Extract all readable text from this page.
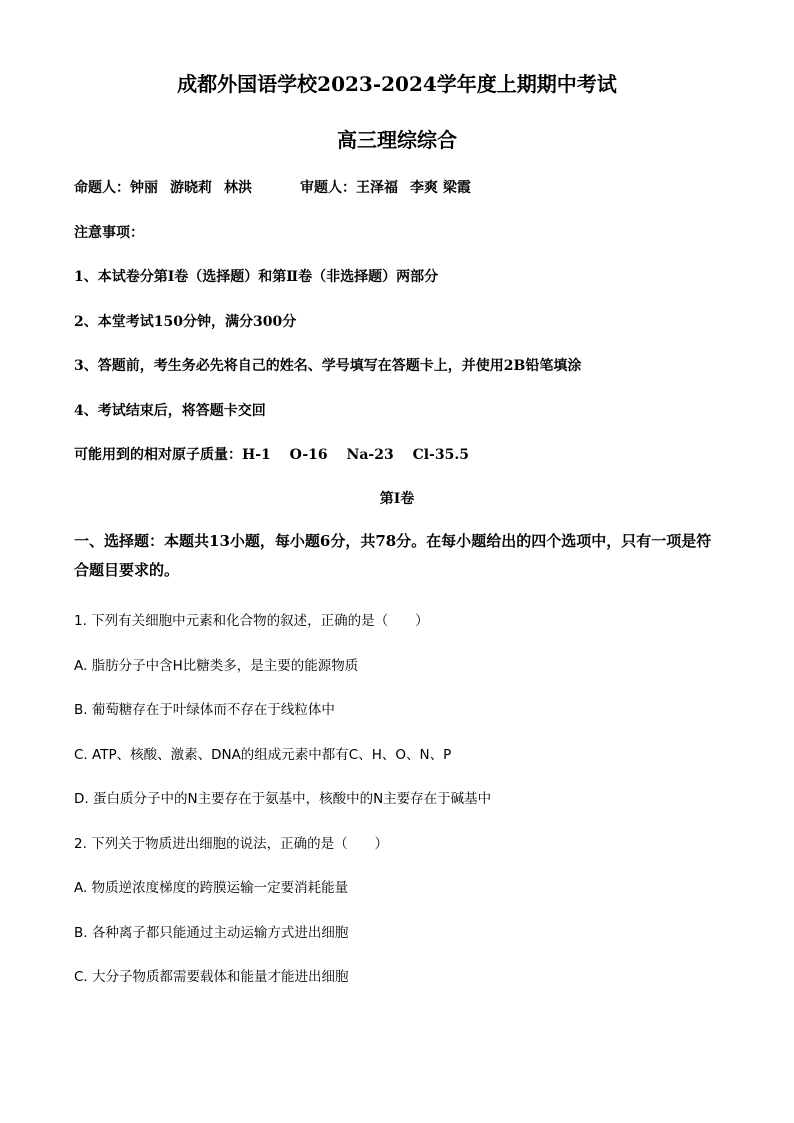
成都外国语学校2023-2024学年度上期期中考试
高三理综综合
命题人：钟丽 游晓莉 林洪	审题人：王泽福 李爽 梁霞
注意事项：
1、本试卷分第Ⅰ卷（选择题）和第Ⅱ卷（非选择题）两部分
2、本堂考试150分钟，满分300分
3、答题前，考生务必先将自己的姓名、学号填写在答题卡上，并使用2B铅笔填涂
4、考试结束后，将答题卡交回
可能用到的相对原子质量：H-1　 O-16　 Na-23　 Cl-35.5
第Ⅰ卷
一、选择题：本题共13小题，每小题6分，共78分。在每小题给出的四个选项中，只有一项是符合题目要求的。
1. 下列有关细胞中元素和化合物的叙述，正确的是（　　）
A. 脂肪分子中含H比糖类多，是主要的能源物质
B. 葡萄糖存在于叶绿体而不存在于线粒体中
C. ATP、核酸、激素、DNA的组成元素中都有C、H、O、N、P
D. 蛋白质分子中的N主要存在于氨基中，核酸中的N主要存在于碱基中
2. 下列关于物质进出细胞的说法，正确的是（　　）
A. 物质逆浓度梯度的跨膜运输一定要消耗能量
B. 各种离子都只能通过主动运输方式进出细胞
C. 大分子物质都需要载体和能量才能进出细胞
